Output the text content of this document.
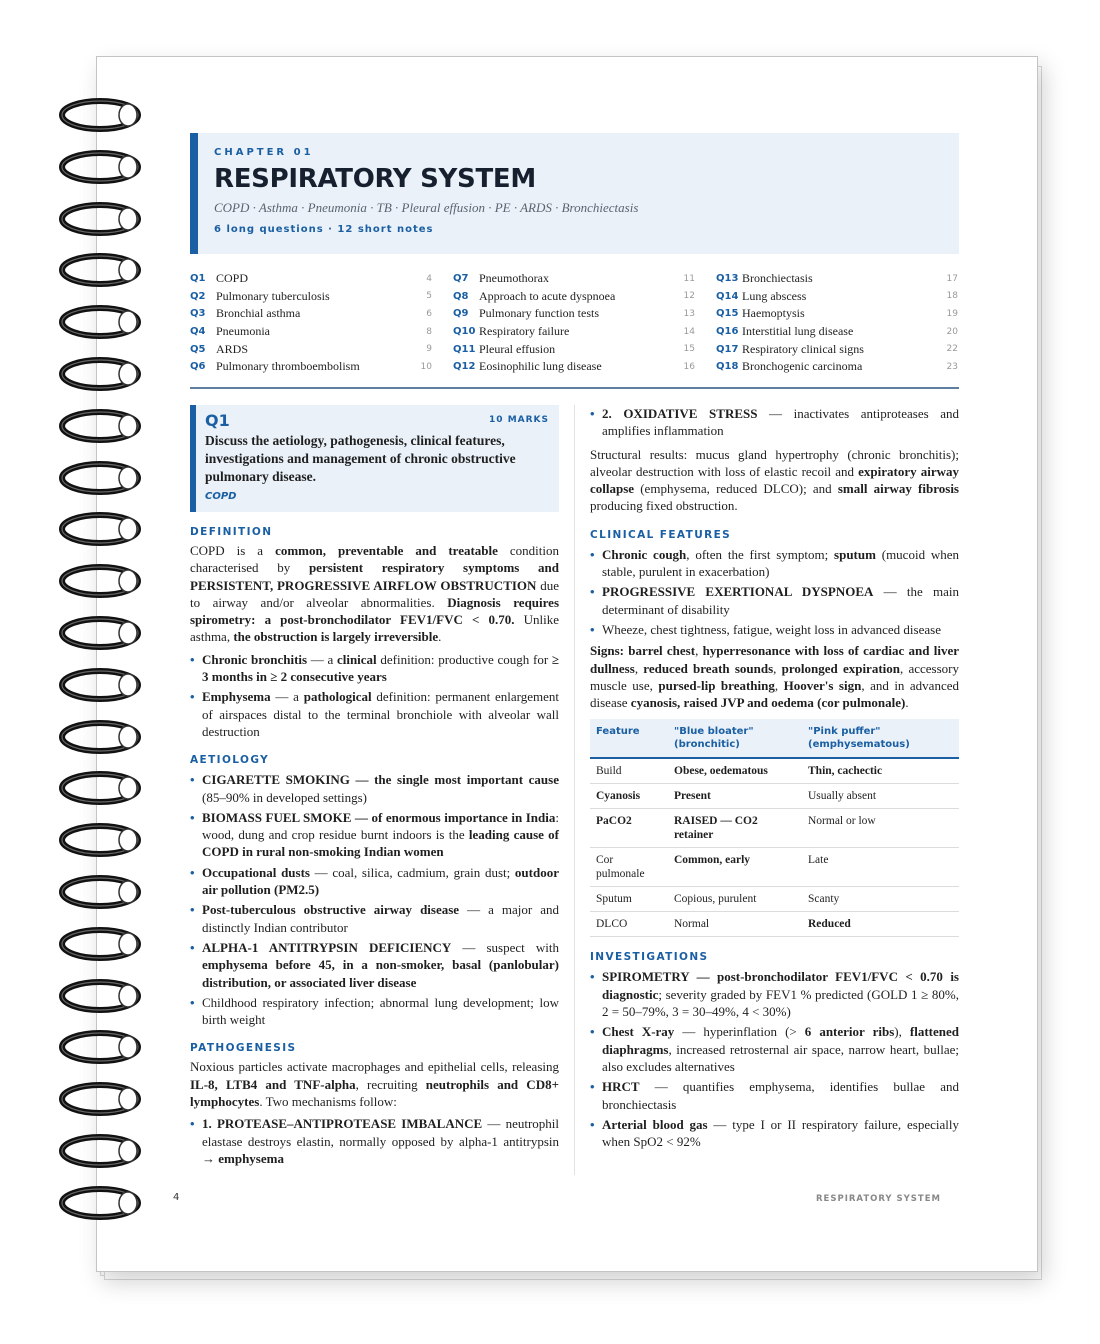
CHAPTER 01
RESPIRATORY SYSTEM
COPD · Asthma · Pneumonia · TB · Pleural effusion · PE · ARDS · Bronchiectasis
6 long questions · 12 short notes
Q1 COPD	4
Q2 Pulmonary tuberculosis	5
Q3 Bronchial asthma	6
Q4 Pneumonia	8
Q5 ARDS	9
Q6 Pulmonary thromboembolism	10
Q7 Pneumothorax	11
Q8 Approach to acute dyspnoea	12
Q9 Pulmonary function tests	13
Q10 Respiratory failure	14
Q11 Pleural effusion	15
Q12 Eosinophilic lung disease	16
Q13 Bronchiectasis	17
Q14 Lung abscess	18
Q15 Haemoptysis	19
Q16 Interstitial lung disease	20
Q17 Respiratory clinical signs	22
Q18 Bronchogenic carcinoma	23
Q1	10 MARKS
Discuss the aetiology, pathogenesis, clinical features, investigations and management of chronic obstructive pulmonary disease.
COPD
DEFINITION

COPD is a common, preventable and treatable condition characterised by persistent respiratory symptoms and PERSISTENT, PROGRESSIVE AIRFLOW OBSTRUCTION due to airway and/or alveolar abnormalities. Diagnosis requires spirometry: a post-bronchodilator FEV1/FVC < 0.70. Unlike asthma, the obstruction is largely irreversible.

• Chronic bronchitis — a clinical definition: productive cough for ≥ 3 months in ≥ 2 consecutive years
• Emphysema — a pathological definition: permanent enlargement of airspaces distal to the terminal bronchiole with alveolar wall destruction
AETIOLOGY
• CIGARETTE SMOKING — the single most important cause (85–90% in developed settings)
• BIOMASS FUEL SMOKE — of enormous importance in India: wood, dung and crop residue burnt indoors is the leading cause of COPD in rural non-smoking Indian women
• Occupational dusts — coal, silica, cadmium, grain dust; outdoor air pollution (PM2.5)
• Post-tuberculous obstructive airway disease — a major and distinctly Indian contributor
• ALPHA-1 ANTITRYPSIN DEFICIENCY — suspect with emphysema before 45, in a non-smoker, basal (panlobular) distribution, or associated liver disease
• Childhood respiratory infection; abnormal lung development; low birth weight
PATHOGENESIS

Noxious particles activate macrophages and epithelial cells, releasing IL-8, LTB4 and TNF-alpha, recruiting neutrophils and CD8+ lymphocytes. Two mechanisms follow:

• 1. PROTEASE–ANTIPROTEASE IMBALANCE — neutrophil elastase destroys elastin, normally opposed by alpha-1 antitrypsin → emphysema
• 2. OXIDATIVE STRESS — inactivates antiproteases and amplifies inflammation

Structural results: mucus gland hypertrophy (chronic bronchitis); alveolar destruction with loss of elastic recoil and expiratory airway collapse (emphysema, reduced DLCO); and small airway fibrosis producing fixed obstruction.

CLINICAL FEATURES
• Chronic cough, often the first symptom; sputum (mucoid when stable, purulent in exacerbation)
• PROGRESSIVE EXERTIONAL DYSPNOEA — the main determinant of disability
• Wheeze, chest tightness, fatigue, weight loss in advanced disease

Signs: barrel chest, hyperresonance with loss of cardiac and liver dullness, reduced breath sounds, prolonged expiration, accessory muscle use, pursed-lip breathing, Hoover's sign, and in advanced disease cyanosis, raised JVP and oedema (cor pulmonale).

Feature	"Blue bloater" (bronchitic)	"Pink puffer" (emphysematous)
Build	Obese, oedematous	Thin, cachectic
Cyanosis	Present	Usually absent
PaCO2	RAISED — CO2 retainer	Normal or low
Cor pulmonale	Common, early	Late
Sputum	Copious, purulent	Scanty
DLCO	Normal	Reduced
INVESTIGATIONS
• SPIROMETRY — post-bronchodilator FEV1/FVC < 0.70 is diagnostic; severity graded by FEV1 % predicted (GOLD 1 ≥ 80%, 2 = 50–79%, 3 = 30–49%, 4 < 30%)
• Chest X-ray — hyperinflation (> 6 anterior ribs), flattened diaphragms, increased retrosternal air space, narrow heart, bullae; also excludes alternatives
• HRCT — quantifies emphysema, identifies bullae and bronchiectasis
• Arterial blood gas — type I or II respiratory failure, especially when SpO2 < 92%
4	RESPIRATORY SYSTEM
